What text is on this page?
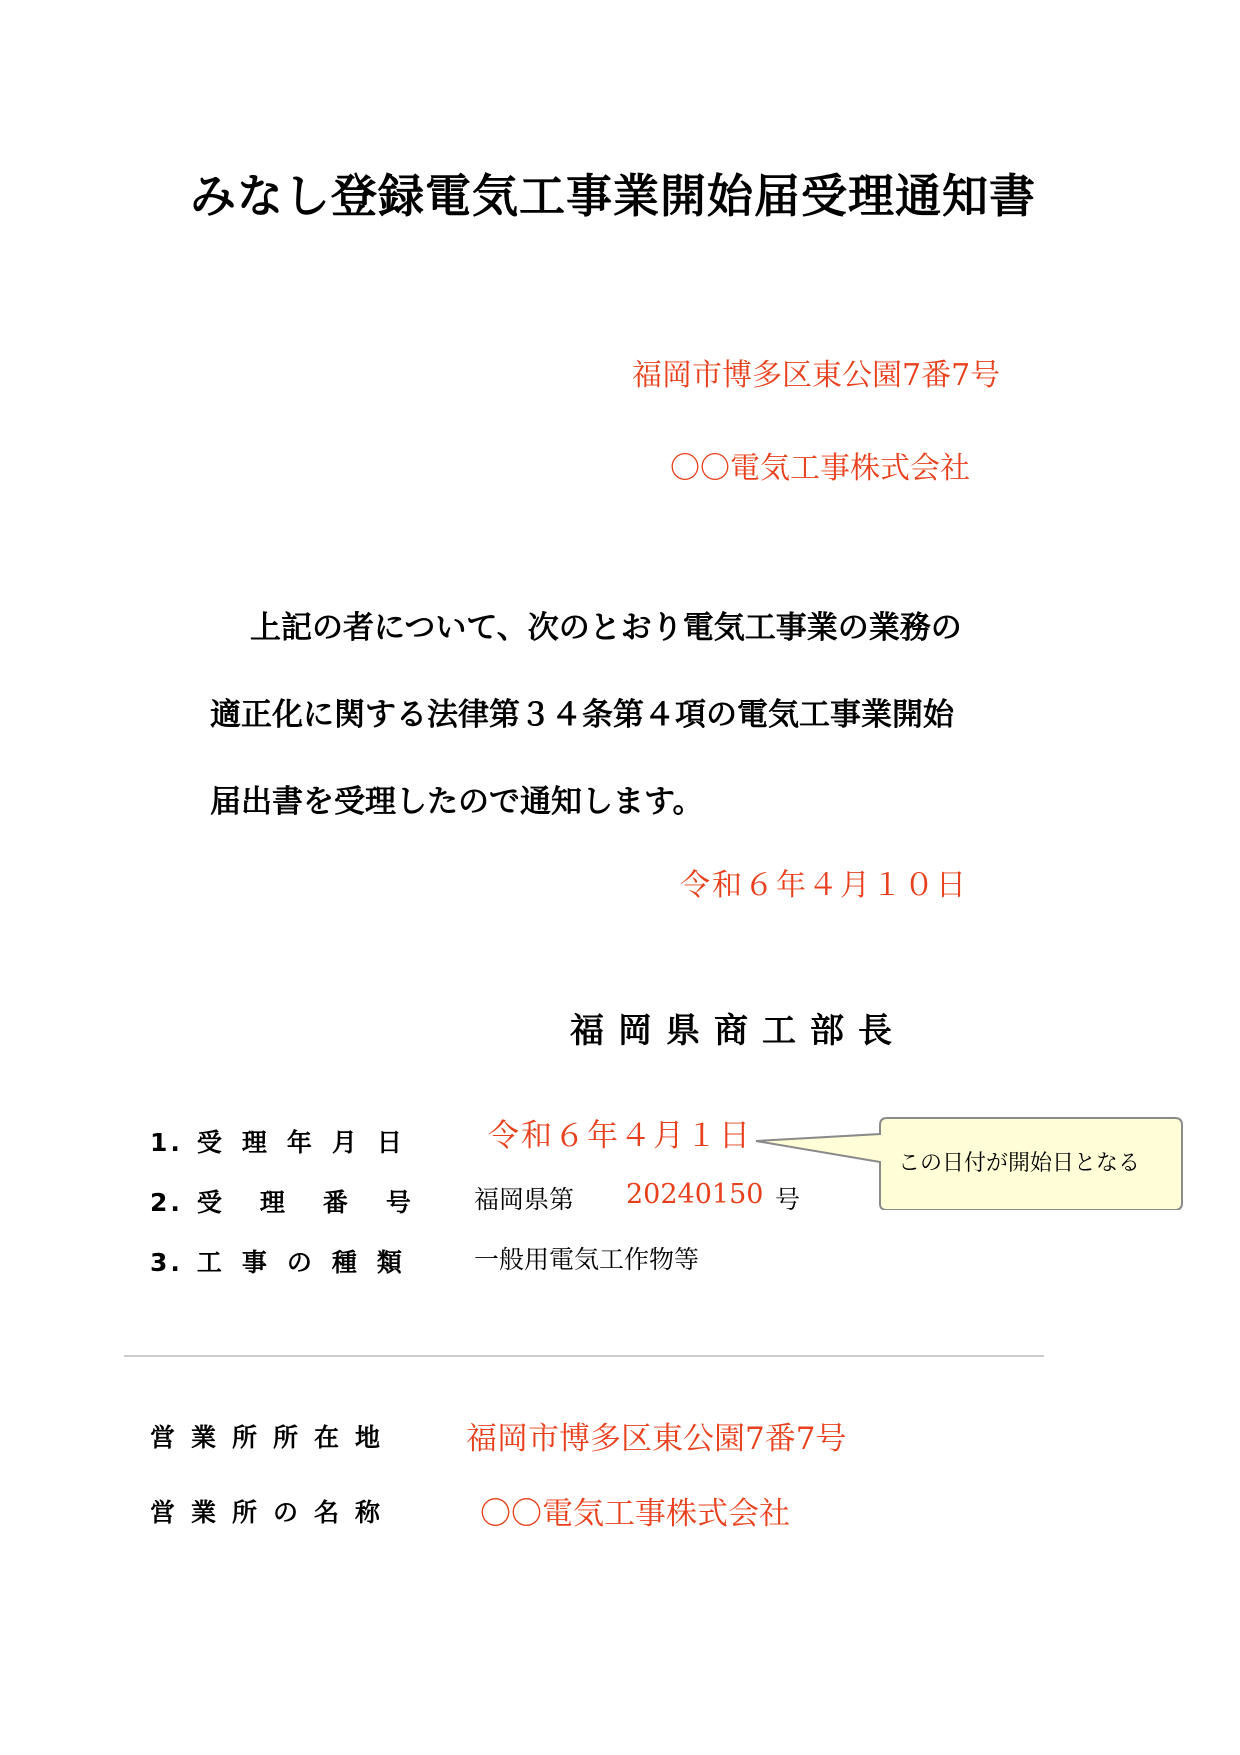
みなし登録電気工事業開始届受理通知書
福岡市博多区東公園7番7号
〇〇電気工事株式会社
上記の者について、次のとおり電気工事業の業務の
適正化に関する法律第３４条第４項の電気工事業開始
届出書を受理したので通知します。
令和６年４月１０日
福岡県商工部長
1. 受理年月日 令和６年４月１日
この日付が開始日となる
2. 受理番号 福岡県第 20240150 号
3. 工事の種類 一般用電気工作物等
営業所所在地 福岡市博多区東公園7番7号
営業所の名称	〇〇電気工事株式会社
